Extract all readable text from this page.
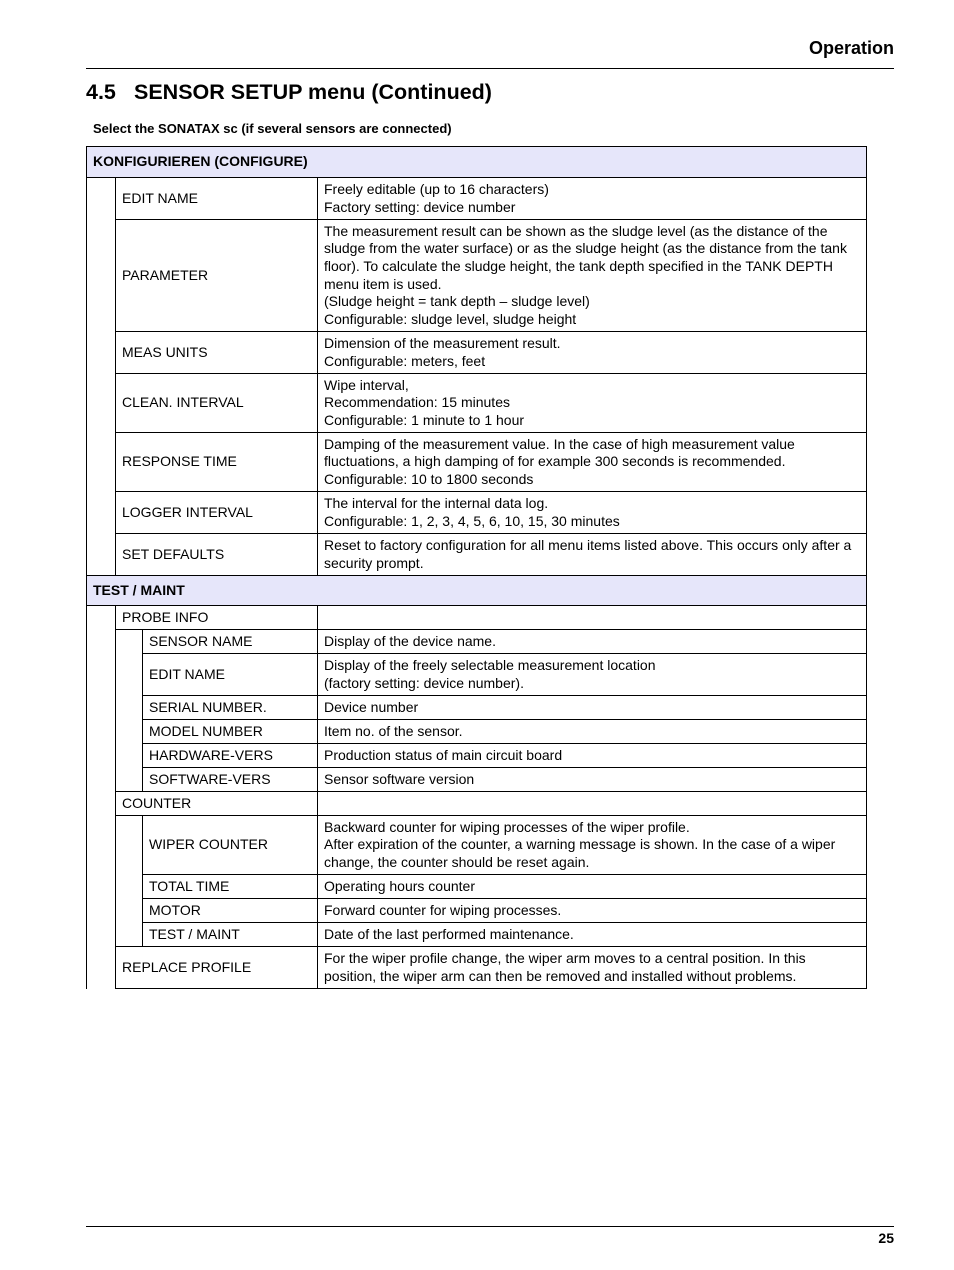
Operation
4.5 SENSOR SETUP menu (Continued)
Select the SONATAX sc (if several sensors are connected)
KONFIGURIEREN (CONFIGURE)			
	EDIT NAME		Freely editable (up to 16 characters)
Factory setting: device number

	PARAMETER		The measurement result can be shown as the sludge level (as the distance of the sludge from the water surface) or as the sludge height (as the distance from the tank floor). To calculate the sludge height, the tank depth specified in the TANK DEPTH menu item is used.
(Sludge height = tank depth – sludge level)
Configurable: sludge level, sludge height

	MEAS UNITS		Dimension of the measurement result.
Configurable: meters, feet

	CLEAN. INTERVAL		Wipe interval,
Recommendation: 15 minutes
Configurable: 1 minute to 1 hour

	RESPONSE TIME		Damping of the measurement value. In the case of high measurement value fluctuations, a high damping of for example 300 seconds is recommended.
Configurable: 10 to 1800 seconds

	LOGGER INTERVAL		The interval for the internal data log.
Configurable: 1, 2, 3, 4, 5, 6, 10, 15, 30 minutes

	SET DEFAULTS		Reset to factory configuration for all menu items listed above. This occurs only after a security prompt.

TEST / MAINT			
	PROBE INFO		
		SENSOR NAME	Display of the device name.
		EDIT NAME	Display of the freely selectable measurement location
(factory setting: device number).

		SERIAL NUMBER.	Device number
		MODEL NUMBER	Item no. of the sensor.
		HARDWARE-VERS	Production status of main circuit board
		SOFTWARE-VERS	Sensor software version
	COUNTER		
		WIPER COUNTER	Backward counter for wiping processes of the wiper profile.
After expiration of the counter, a warning message is shown. In the case of a wiper change, the counter should be reset again.

		TOTAL TIME	Operating hours counter
		MOTOR	Forward counter for wiping processes.
		TEST / MAINT	Date of the last performed maintenance.
	REPLACE PROFILE		For the wiper profile change, the wiper arm moves to a central position. In this position, the wiper arm can then be removed and installed without problems.
25
